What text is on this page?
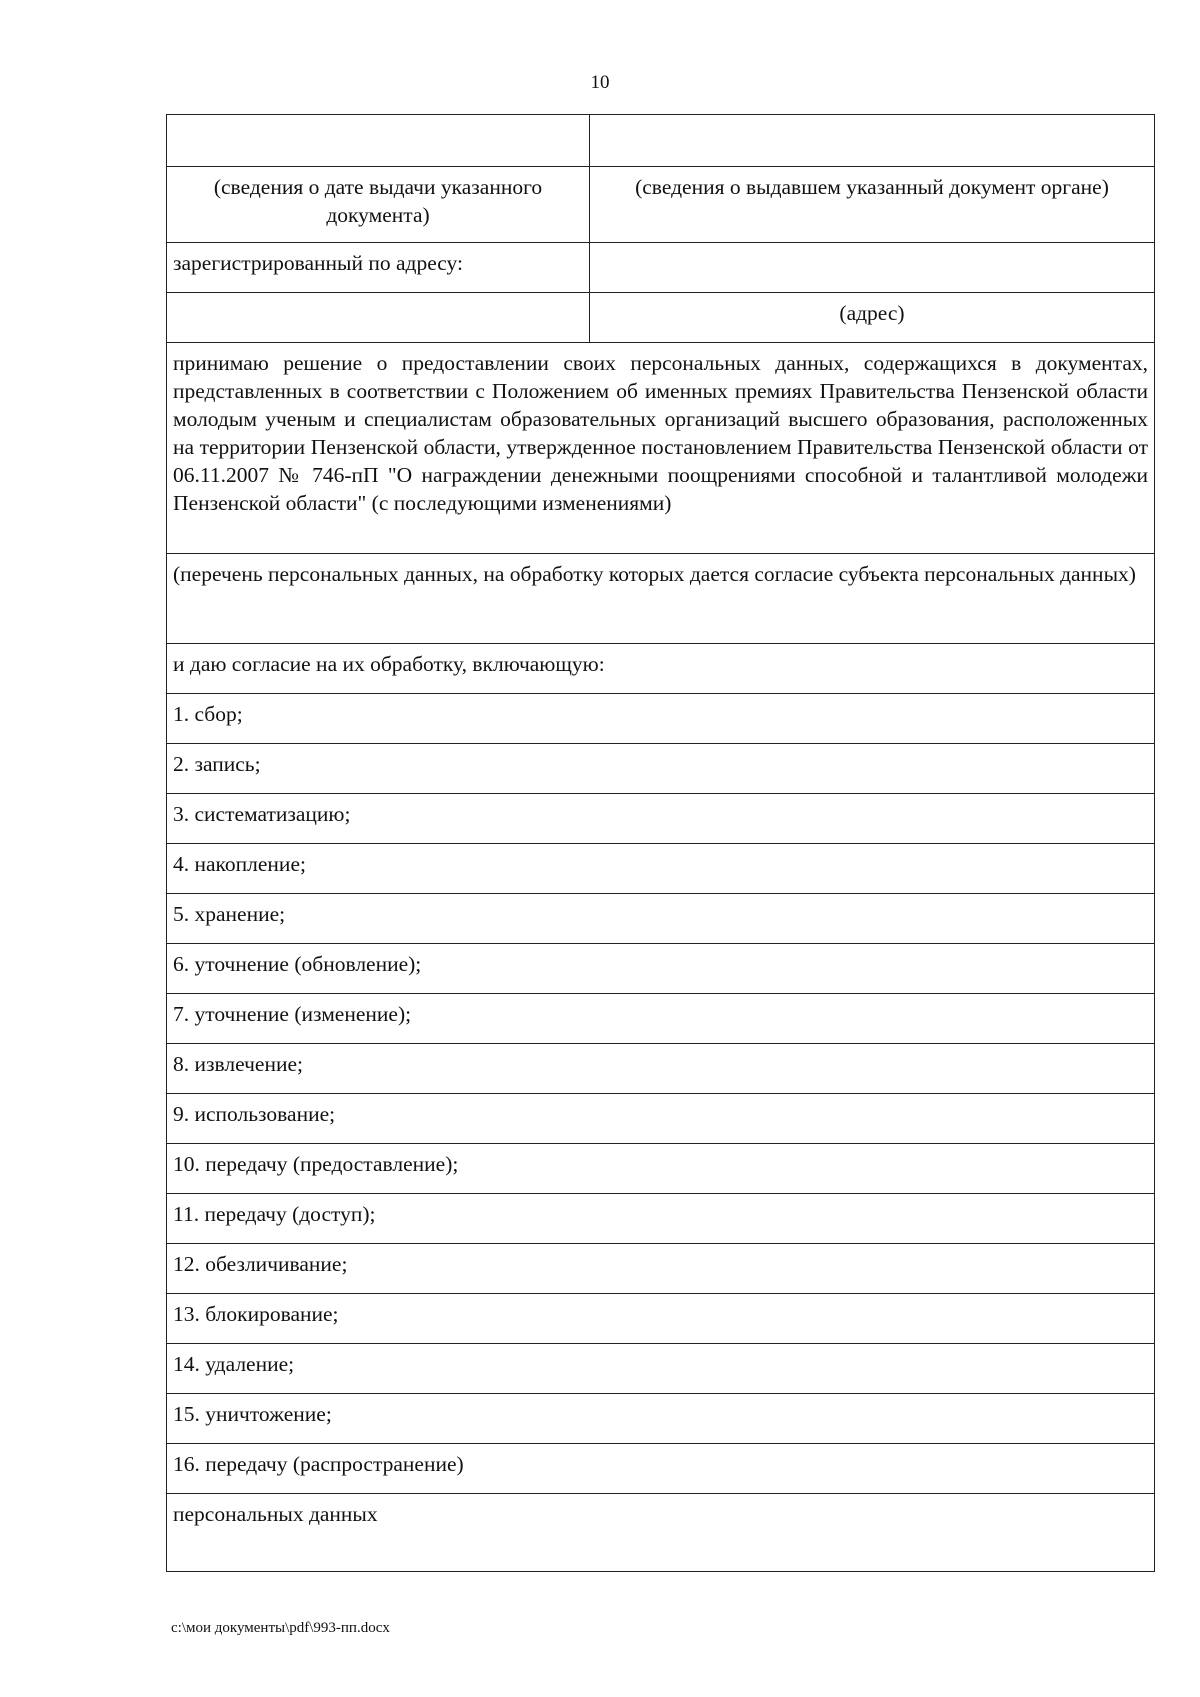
10

(сведения о дате выдачи указанного документа)	(сведения о выдавшем указанный документ органе)
зарегистрированный по адресу:	
	(адрес)
принимаю решение о предоставлении своих персональных данных, содержащихся в документах, представленных в соответствии с Положением об именных премиях Правительства Пензенской области молодым ученым и специалистам образовательных организаций высшего образования, расположенных на территории Пензенской области, утвержденное постановлением Правительства Пензенской области от 06.11.2007 № 746-пП "О награждении денежными поощрениями способной и талантливой молодежи Пензенской области" (с последующими изменениями)	
(перечень персональных данных, на обработку которых дается согласие субъекта персональных данных)	
и даю согласие на их обработку, включающую:	
1. сбор;	
2. запись;	
3. систематизацию;	
4. накопление;	
5. хранение;	
6. уточнение (обновление);	
7. уточнение (изменение);	
8. извлечение;	
9. использование;	
10. передачу (предоставление);	
11. передачу (доступ);	
12. обезличивание;	
13. блокирование;	
14. удаление;	
15. уничтожение;	
16. передачу (распространение)	
персональных данных	
c:\мои документы\pdf\993-пп.docx
